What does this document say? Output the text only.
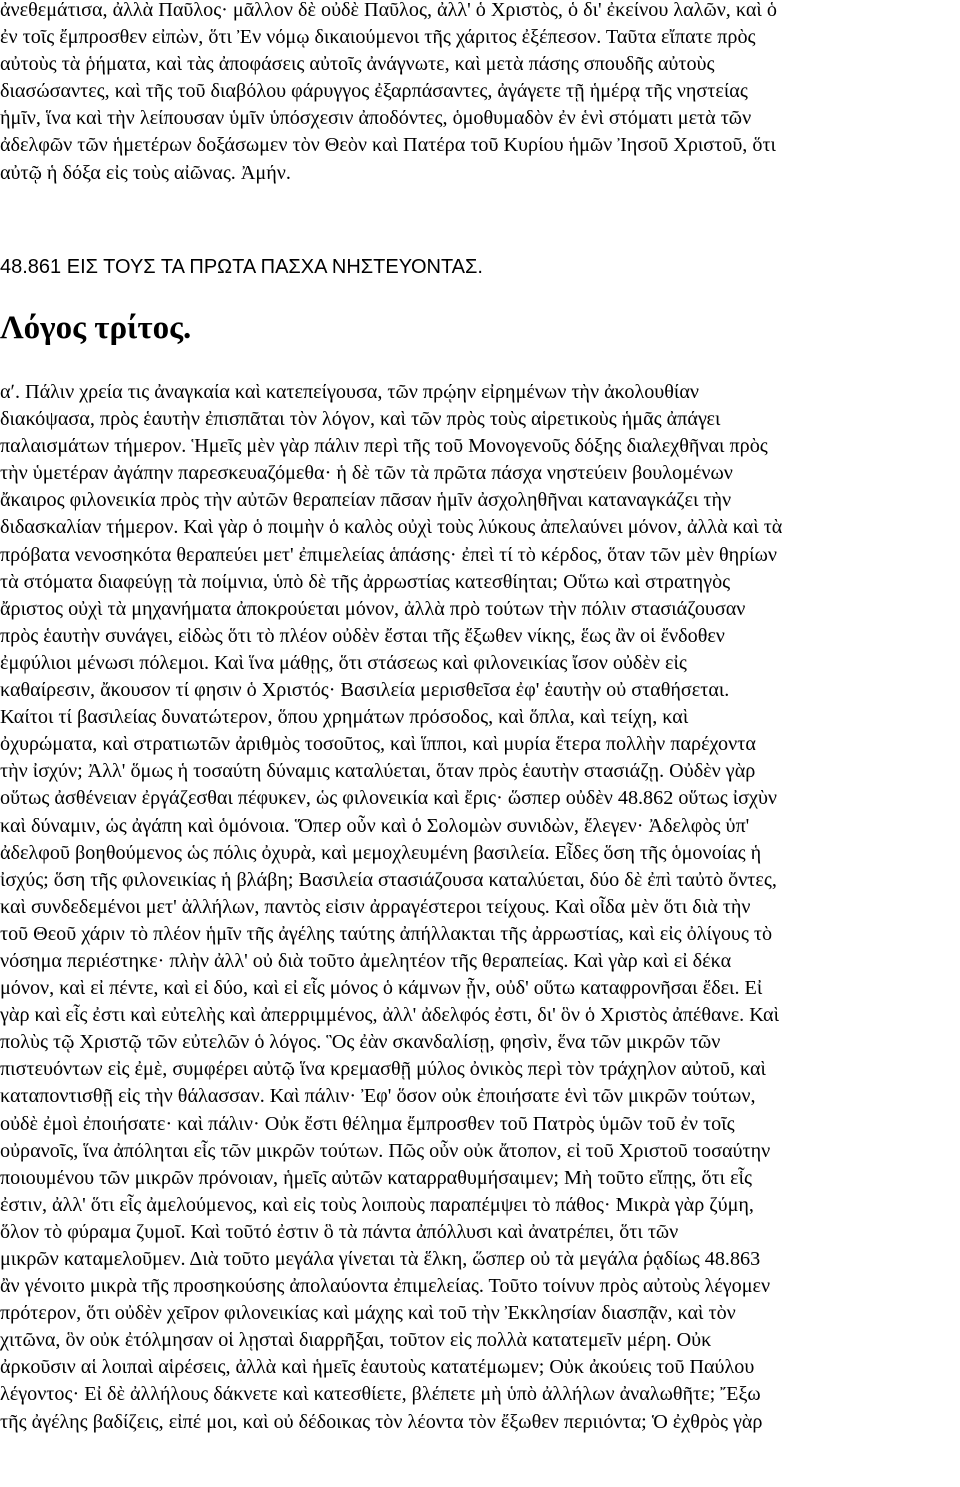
ἀνεθεμάτισα, ἀλλὰ Παῦλος· μᾶλλον δὲ οὐδὲ Παῦλος, ἀλλ' ὁ Χριστὸς, ὁ δι' ἐκείνου λαλῶν, καὶ ὁ
ἐν τοῖς ἔμπροσθεν εἰπὼν, ὅτι Ἐν νόμῳ δικαιούμενοι τῆς χάριτος ἐξέπεσον. Ταῦτα εἴπατε πρὸς
αὐτοὺς τὰ ῥήματα, καὶ τὰς ἀποφάσεις αὐτοῖς ἀνάγνωτε, καὶ μετὰ πάσης σπουδῆς αὐτοὺς
διασώσαντες, καὶ τῆς τοῦ διαβόλου φάρυγγος ἐξαρπάσαντες, ἀγάγετε τῇ ἡμέρᾳ τῆς νηστείας
ἡμῖν, ἵνα καὶ τὴν λείπουσαν ὑμῖν ὑπόσχεσιν ἀποδόντες, ὁμοθυμαδὸν ἐν ἑνὶ στόματι μετὰ τῶν
ἀδελφῶν τῶν ἡμετέρων δοξάσωμεν τὸν Θεὸν καὶ Πατέρα τοῦ Κυρίου ἡμῶν Ἰησοῦ Χριστοῦ, ὅτι
αὐτῷ ἡ δόξα εἰς τοὺς αἰῶνας. Ἀμήν.
48.861 ΕΙΣ ΤΟΥΣ ΤΑ ΠΡΩΤΑ ΠΑΣΧΑ ΝΗΣΤΕΥΟΝΤΑΣ.
Λόγος τρίτος.
αʹ. Πάλιν χρεία τις ἀναγκαία καὶ κατεπείγουσα, τῶν πρῴην εἰρημένων τὴν ἀκολουθίαν
διακόψασα, πρὸς ἑαυτὴν ἐπισπᾶται τὸν λόγον, καὶ τῶν πρὸς τοὺς αἱρετικοὺς ἡμᾶς ἀπάγει
παλαισμάτων τήμερον. Ἡμεῖς μὲν γὰρ πάλιν περὶ τῆς τοῦ Μονογενοῦς δόξης διαλεχθῆναι πρὸς
τὴν ὑμετέραν ἀγάπην παρεσκευαζόμεθα· ἡ δὲ τῶν τὰ πρῶτα πάσχα νηστεύειν βουλομένων
ἄκαιρος φιλονεικία πρὸς τὴν αὐτῶν θεραπείαν πᾶσαν ἡμῖν ἀσχοληθῆναι καταναγκάζει τὴν
διδασκαλίαν τήμερον. Καὶ γὰρ ὁ ποιμὴν ὁ καλὸς οὐχὶ τοὺς λύκους ἀπελαύνει μόνον, ἀλλὰ καὶ τὰ
πρόβατα νενοσηκότα θεραπεύει μετ' ἐπιμελείας ἁπάσης· ἐπεὶ τί τὸ κέρδος, ὅταν τῶν μὲν θηρίων
τὰ στόματα διαφεύγῃ τὰ ποίμνια, ὑπὸ δὲ τῆς ἀρρωστίας κατεσθίηται; Οὕτω καὶ στρατηγὸς
ἄριστος οὐχὶ τὰ μηχανήματα ἀποκρούεται μόνον, ἀλλὰ πρὸ τούτων τὴν πόλιν στασιάζουσαν
πρὸς ἑαυτὴν συνάγει, εἰδὼς ὅτι τὸ πλέον οὐδὲν ἔσται τῆς ἔξωθεν νίκης, ἕως ἂν οἱ ἔνδοθεν
ἐμφύλιοι μένωσι πόλεμοι. Καὶ ἵνα μάθῃς, ὅτι στάσεως καὶ φιλονεικίας ἴσον οὐδὲν εἰς
καθαίρεσιν, ἄκουσον τί φησιν ὁ Χριστός· Βασιλεία μερισθεῖσα ἐφ' ἑαυτὴν οὐ σταθήσεται.
Καίτοι τί βασιλείας δυνατώτερον, ὅπου χρημάτων πρόσοδος, καὶ ὅπλα, καὶ τείχη, καὶ
ὀχυρώματα, καὶ στρατιωτῶν ἀριθμὸς τοσοῦτος, καὶ ἵπποι, καὶ μυρία ἕτερα πολλὴν παρέχοντα
τὴν ἰσχύν; Ἀλλ' ὅμως ἡ τοσαύτη δύναμις καταλύεται, ὅταν πρὸς ἑαυτὴν στασιάζῃ. Οὐδὲν γὰρ
οὕτως ἀσθένειαν ἐργάζεσθαι πέφυκεν, ὡς φιλονεικία καὶ ἔρις· ὥσπερ οὐδὲν 48.862 οὕτως ἰσχὺν
καὶ δύναμιν, ὡς ἀγάπη καὶ ὁμόνοια. Ὅπερ οὖν καὶ ὁ Σολομὼν συνιδὼν, ἔλεγεν· Ἀδελφὸς ὑπ'
ἀδελφοῦ βοηθούμενος ὡς πόλις ὀχυρὰ, καὶ μεμοχλευμένη βασιλεία. Εἶδες ὅση τῆς ὁμονοίας ἡ
ἰσχύς; ὅση τῆς φιλονεικίας ἡ βλάβη; Βασιλεία στασιάζουσα καταλύεται, δύο δὲ ἐπὶ ταὐτὸ ὄντες,
καὶ συνδεδεμένοι μετ' ἀλλήλων, παντὸς εἰσιν ἀρραγέστεροι τείχους. Καὶ οἶδα μὲν ὅτι διὰ τὴν
τοῦ Θεοῦ χάριν τὸ πλέον ἡμῖν τῆς ἀγέλης ταύτης ἀπήλλακται τῆς ἀρρωστίας, καὶ εἰς ὀλίγους τὸ
νόσημα περιέστηκε· πλὴν ἀλλ' οὐ διὰ τοῦτο ἀμελητέον τῆς θεραπείας. Καὶ γὰρ καὶ εἰ δέκα
μόνον, καὶ εἰ πέντε, καὶ εἰ δύο, καὶ εἰ εἷς μόνος ὁ κάμνων ᾖν, οὐδ' οὕτω καταφρονῆσαι ἔδει. Εἰ
γὰρ καὶ εἷς ἐστι καὶ εὐτελὴς καὶ ἀπερριμμένος, ἀλλ' ἀδελφός ἐστι, δι' ὃν ὁ Χριστὸς ἀπέθανε. Καὶ
πολὺς τῷ Χριστῷ τῶν εὐτελῶν ὁ λόγος. Ὃς ἐὰν σκανδαλίσῃ, φησὶν, ἕνα τῶν μικρῶν τῶν
πιστευόντων εἰς ἐμὲ, συμφέρει αὐτῷ ἵνα κρεμασθῇ μύλος ὀνικὸς περὶ τὸν τράχηλον αὐτοῦ, καὶ
καταποντισθῇ εἰς τὴν θάλασσαν. Καὶ πάλιν· Ἐφ' ὅσον οὐκ ἐποιήσατε ἑνὶ τῶν μικρῶν τούτων,
οὐδὲ ἐμοὶ ἐποιήσατε· καὶ πάλιν· Οὐκ ἔστι θέλημα ἔμπροσθεν τοῦ Πατρὸς ὑμῶν τοῦ ἐν τοῖς
οὐρανοῖς, ἵνα ἀπόληται εἷς τῶν μικρῶν τούτων. Πῶς οὖν οὐκ ἄτοπον, εἰ τοῦ Χριστοῦ τοσαύτην
ποιουμένου τῶν μικρῶν πρόνοιαν, ἡμεῖς αὐτῶν καταρραθυμήσαιμεν; Μὴ τοῦτο εἴπῃς, ὅτι εἷς
ἐστιν, ἀλλ' ὅτι εἷς ἀμελούμενος, καὶ εἰς τοὺς λοιποὺς παραπέμψει τὸ πάθος· Μικρὰ γὰρ ζύμη,
ὅλον τὸ φύραμα ζυμοῖ. Καὶ τοῦτό ἐστιν ὃ τὰ πάντα ἀπόλλυσι καὶ ἀνατρέπει, ὅτι τῶν
μικρῶν καταμελοῦμεν. Διὰ τοῦτο μεγάλα γίνεται τὰ ἕλκη, ὥσπερ οὐ τὰ μεγάλα ῥᾳδίως 48.863
ἂν γένοιτο μικρὰ τῆς προσηκούσης ἀπολαύοντα ἐπιμελείας. Τοῦτο τοίνυν πρὸς αὐτοὺς λέγομεν
πρότερον, ὅτι οὐδὲν χεῖρον φιλονεικίας καὶ μάχης καὶ τοῦ τὴν Ἐκκλησίαν διασπᾷν, καὶ τὸν
χιτῶνα, ὃν οὐκ ἐτόλμησαν οἱ λῃσταὶ διαρρῆξαι, τοῦτον εἰς πολλὰ κατατεμεῖν μέρη. Οὐκ
ἀρκοῦσιν αἱ λοιπαὶ αἱρέσεις, ἀλλὰ καὶ ἡμεῖς ἑαυτοὺς κατατέμωμεν; Οὐκ ἀκούεις τοῦ Παύλου
λέγοντος· Εἰ δὲ ἀλλήλους δάκνετε καὶ κατεσθίετε, βλέπετε μὴ ὑπὸ ἀλλήλων ἀναλωθῆτε; Ἔξω
τῆς ἀγέλης βαδίζεις, εἰπέ μοι, καὶ οὐ δέδοικας τὸν λέοντα τὸν ἔξωθεν περιιόντα; Ὁ ἐχθρὸς γὰρ
